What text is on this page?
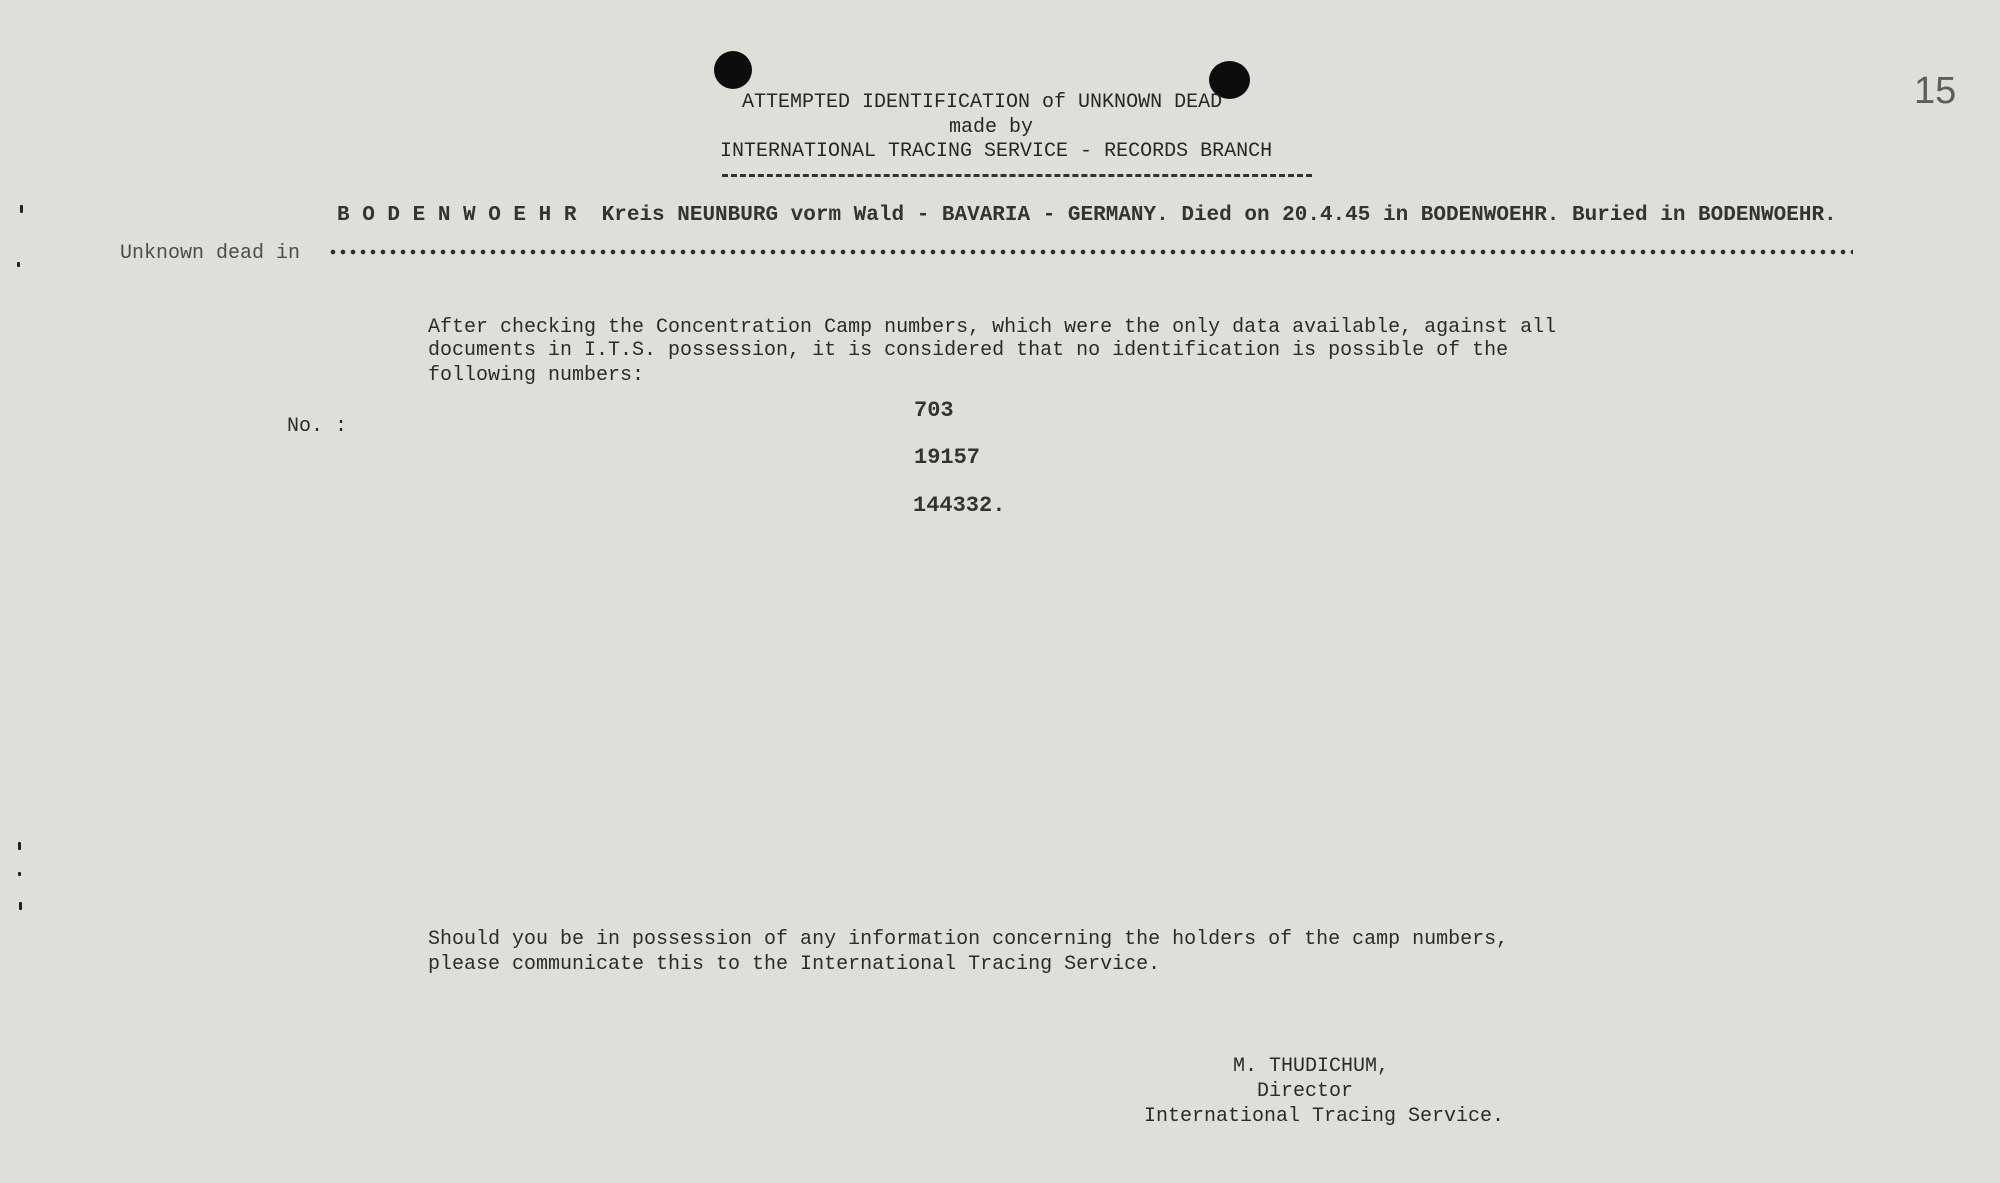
15
ATTEMPTED IDENTIFICATION of UNKNOWN DEAD
made by
INTERNATIONAL TRACING SERVICE - RECORDS BRANCH
B O D E N W O E H R  Kreis NEUNBURG vorm Wald - BAVARIA - GERMANY. Died on 20.4.45 in BODENWOEHR. Buried in BODENWOEHR.
Unknown dead in
After checking the Concentration Camp numbers, which were the only data available, against all
documents in I.T.S. possession, it is considered that no identification is possible of the
following numbers:
No. :
703
19157
144332.
Should you be in possession of any information concerning the holders of the camp numbers,
please communicate this to the International Tracing Service.
M. THUDICHUM,
Director
International Tracing Service.
